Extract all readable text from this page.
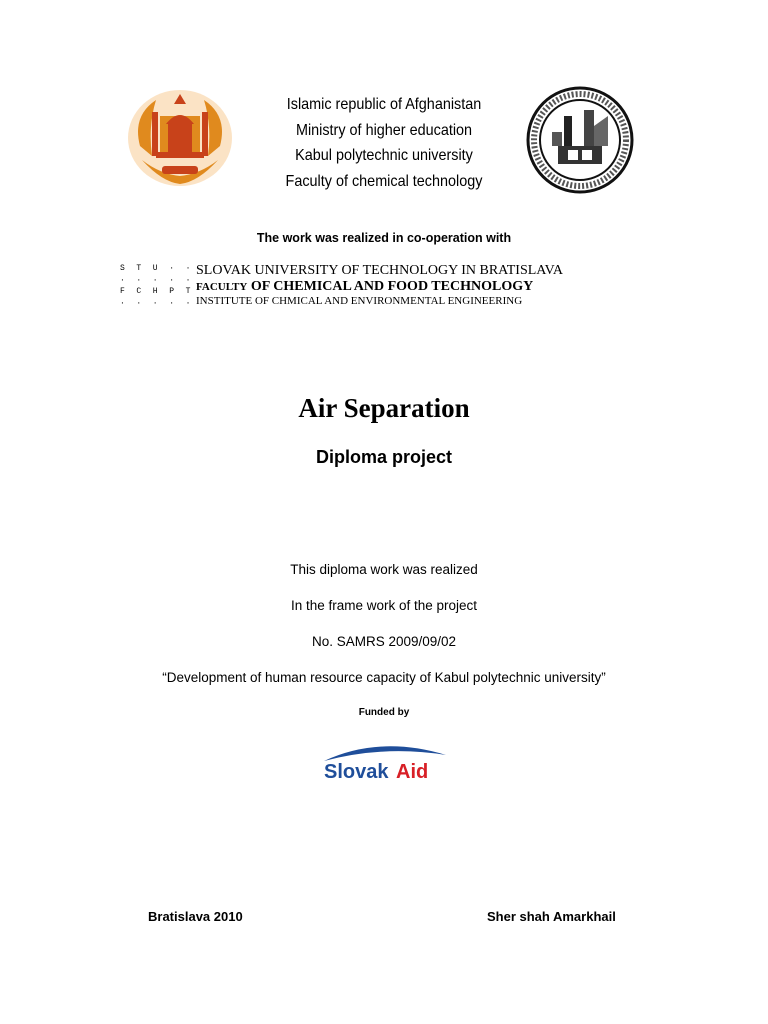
Islamic republic of Afghanistan
Ministry of higher education
Kabul polytechnic university
Faculty of chemical technology
The work was realized in co-operation with
S T U · ·
· · · · ·
F C H P T
· · · · ·
SLOVAK UNIVERSITY OF TECHNOLOGY IN BRATISLAVA
FACULTY OF CHEMICAL AND FOOD TECHNOLOGY
INSTITUTE OF CHMICAL AND ENVIRONMENTAL ENGINEERING
Air Separation
Diploma project
This diploma work was realized
In the frame work of the project
No. SAMRS 2009/09/02
“Development of human resource capacity of Kabul polytechnic university”
Funded by
Slovak Aid
Bratislava 2010	Sher shah Amarkhail
